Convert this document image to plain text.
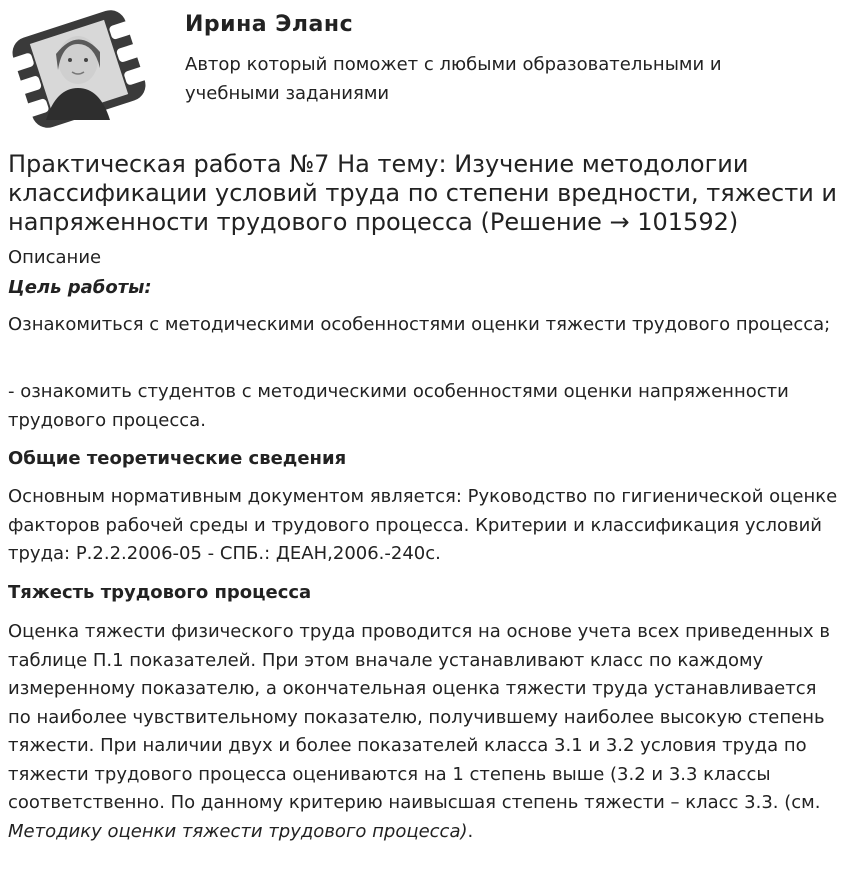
Ирина Эланс
Автор который поможет с любыми образовательными и учебными заданиями
Практическая работа №7 На тему: Изучение методологии классификации условий труда по степени вредности, тяжести и напряженности трудового процесса (Решение → 101592)
Описание
Цель работы:
Ознакомиться с методическими особенностями оценки тяжести трудового процесса;
- ознакомить студентов с методическими особенностями оценки напряженности трудового процесса.
Общие теоретические сведения
Основным нормативным документом является: Руководство по гигиенической оценке факторов рабочей среды и трудового процесса. Критерии и классификация условий труда: Р.2.2.2006-05 - СПБ.: ДЕАН,2006.-240с.
Тяжесть трудового процесса
Оценка тяжести физического труда проводится на основе учета всех приведенных в таблице П.1 показателей. При этом вначале устанавливают класс по каждому измеренному показателю, а окончательная оценка тяжести труда устанавливается по наиболее чувствительному показателю, получившему наиболее высокую степень тяжести. При наличии двух и более показателей класса 3.1 и 3.2 условия труда по тяжести трудового процесса оцениваются на 1 степень выше (3.2 и 3.3 классы соответственно. По данному критерию наивысшая степень тяжести – класс 3.3. (см. Методику оценки тяжести трудового процесса).
